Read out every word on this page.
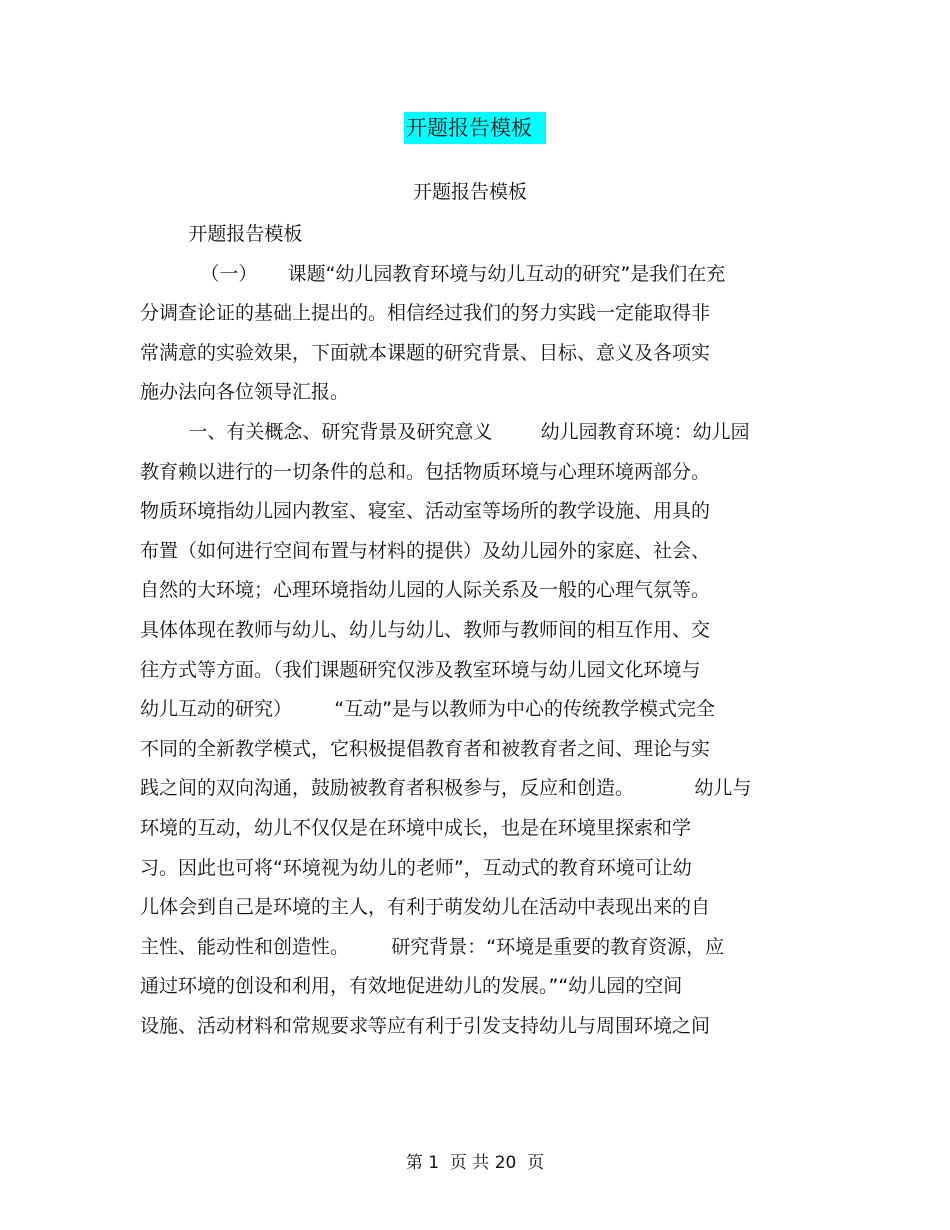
开题报告模板
开题报告模板
开题报告模板
（一）     课题“幼儿园教育环境与幼儿互动的研究”是我们在充
分调查论证的基础上提出的。相信经过我们的努力实践一定能取得非
常满意的实验效果，下面就本课题的研究背景、目标、意义及各项实
施办法向各位领导汇报。
一、有关概念、研究背景及研究意义        幼儿园教育环境：幼儿园
教育赖以进行的一切条件的总和。包括物质环境与心理环境两部分。
物质环境指幼儿园内教室、寝室、活动室等场所的教学设施、用具的
布置（如何进行空间布置与材料的提供）及幼儿园外的家庭、社会、
自然的大环境；心理环境指幼儿园的人际关系及一般的心理气氛等。
具体体现在教师与幼儿、幼儿与幼儿、教师与教师间的相互作用、交
往方式等方面。（我们课题研究仅涉及教室环境与幼儿园文化环境与
幼儿互动的研究）       “互动”是与以教师为中心的传统教学模式完全
不同的全新教学模式，它积极提倡教育者和被教育者之间、理论与实
践之间的双向沟通，鼓励被教育者积极参与，反应和创造。          幼儿与
环境的互动，幼儿不仅仅是在环境中成长，也是在环境里探索和学
习。因此也可将“环境视为幼儿的老师”，互动式的教育环境可让幼
儿体会到自己是环境的主人，有利于萌发幼儿在活动中表现出来的自
主性、能动性和创造性。       研究背景：“环境是重要的教育资源，应
通过环境的创设和利用，有效地促进幼儿的发展。”“幼儿园的空间
设施、活动材料和常规要求等应有利于引发支持幼儿与周围环境之间
第 1  页 共 20  页
